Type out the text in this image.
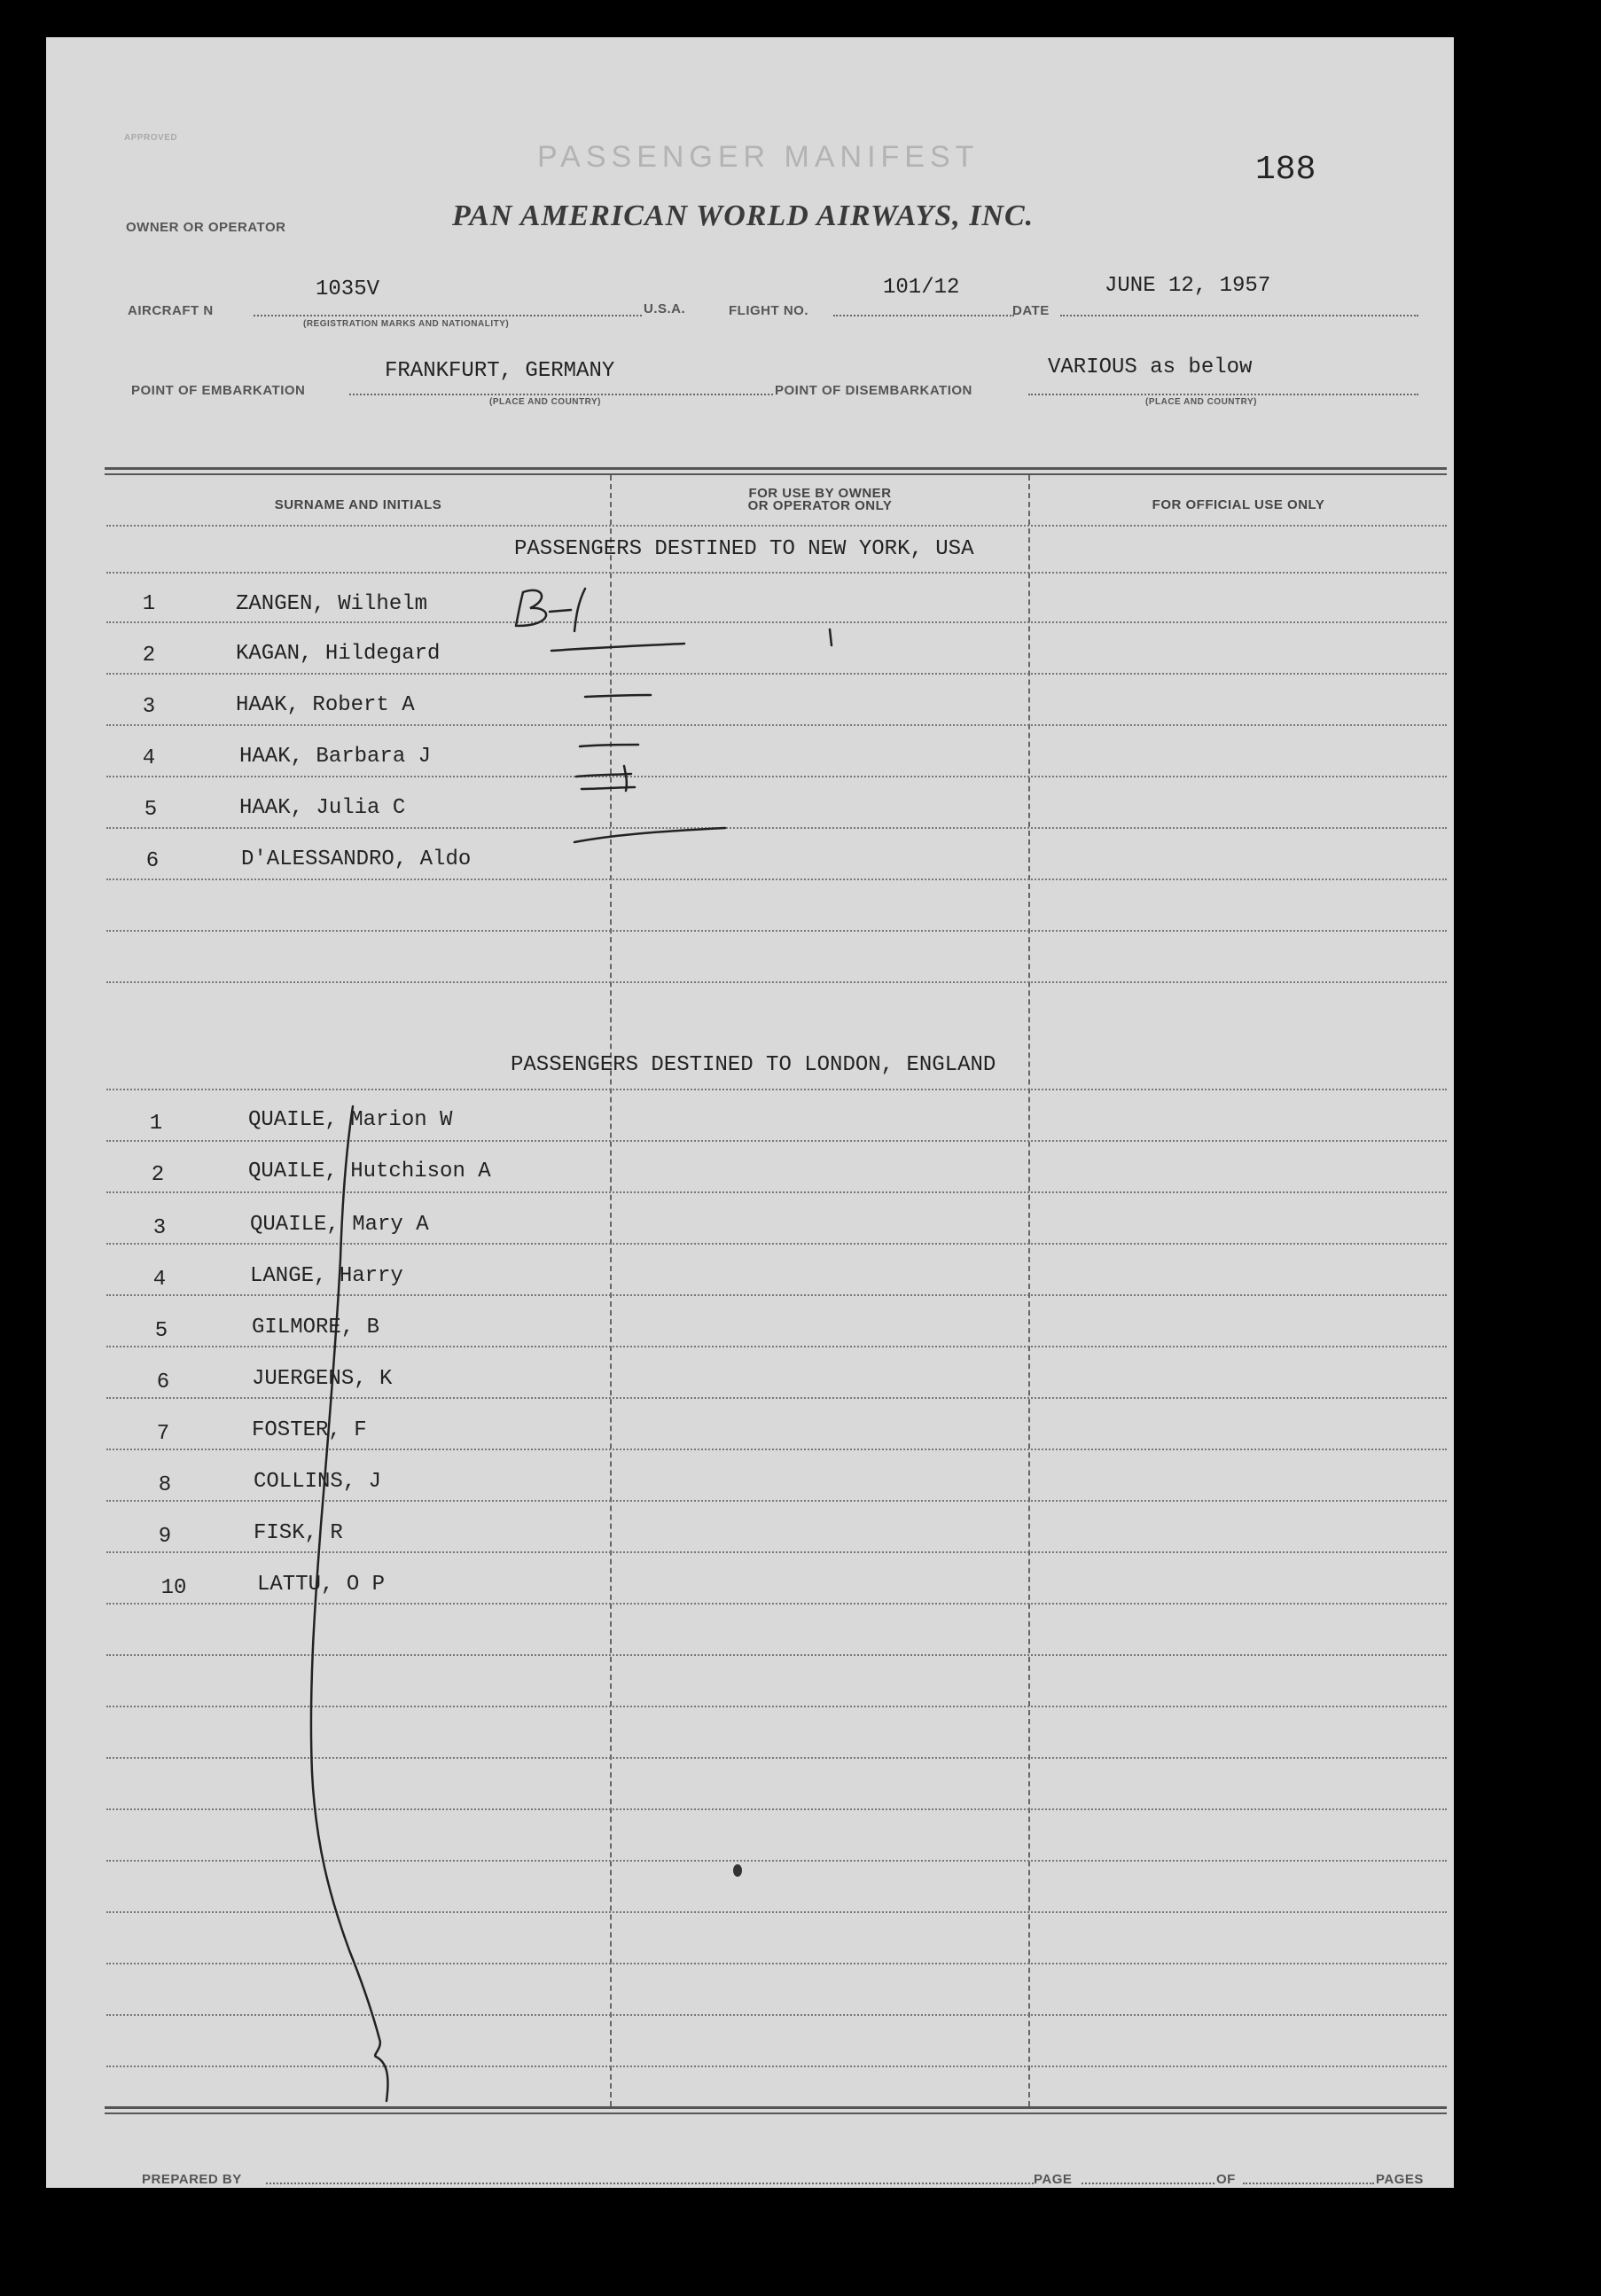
APPROVED
PASSENGER MANIFEST	188
OWNER OR OPERATOR	PAN AMERICAN WORLD AIRWAYS, INC.
AIRCRAFT N
1035V
(REGISTRATION MARKS AND NATIONALITY)
U.S.A.	FLIGHT NO.
101/12
DATE
JUNE 12, 1957
POINT OF EMBARKATION
FRANKFURT, GERMANY
(PLACE AND COUNTRY)
POINT OF DISEMBARKATION
VARIOUS as below
(PLACE AND COUNTRY)
SURNAME AND INITIALS
FOR USE BY OWNER
OR OPERATOR ONLY	FOR OFFICIAL USE ONLY
PASSENGERS DESTINED TO NEW YORK, USA
1	ZANGEN, Wilhelm
2	KAGAN, Hildegard
3	HAAK, Robert A
4	HAAK, Barbara J
5	HAAK, Julia C
6	D'ALESSANDRO, Aldo
PASSENGERS DESTINED TO LONDON, ENGLAND
1	QUAILE, Marion W
2	QUAILE, Hutchison A
3	QUAILE, Mary A
4	LANGE, Harry
5	GILMORE, B
6	JUERGENS, K
7	FOSTER, F
8	COLLINS, J
9	FISK, R
10	LATTU, O P
PREPARED BY	PAGE	OF	PAGES
